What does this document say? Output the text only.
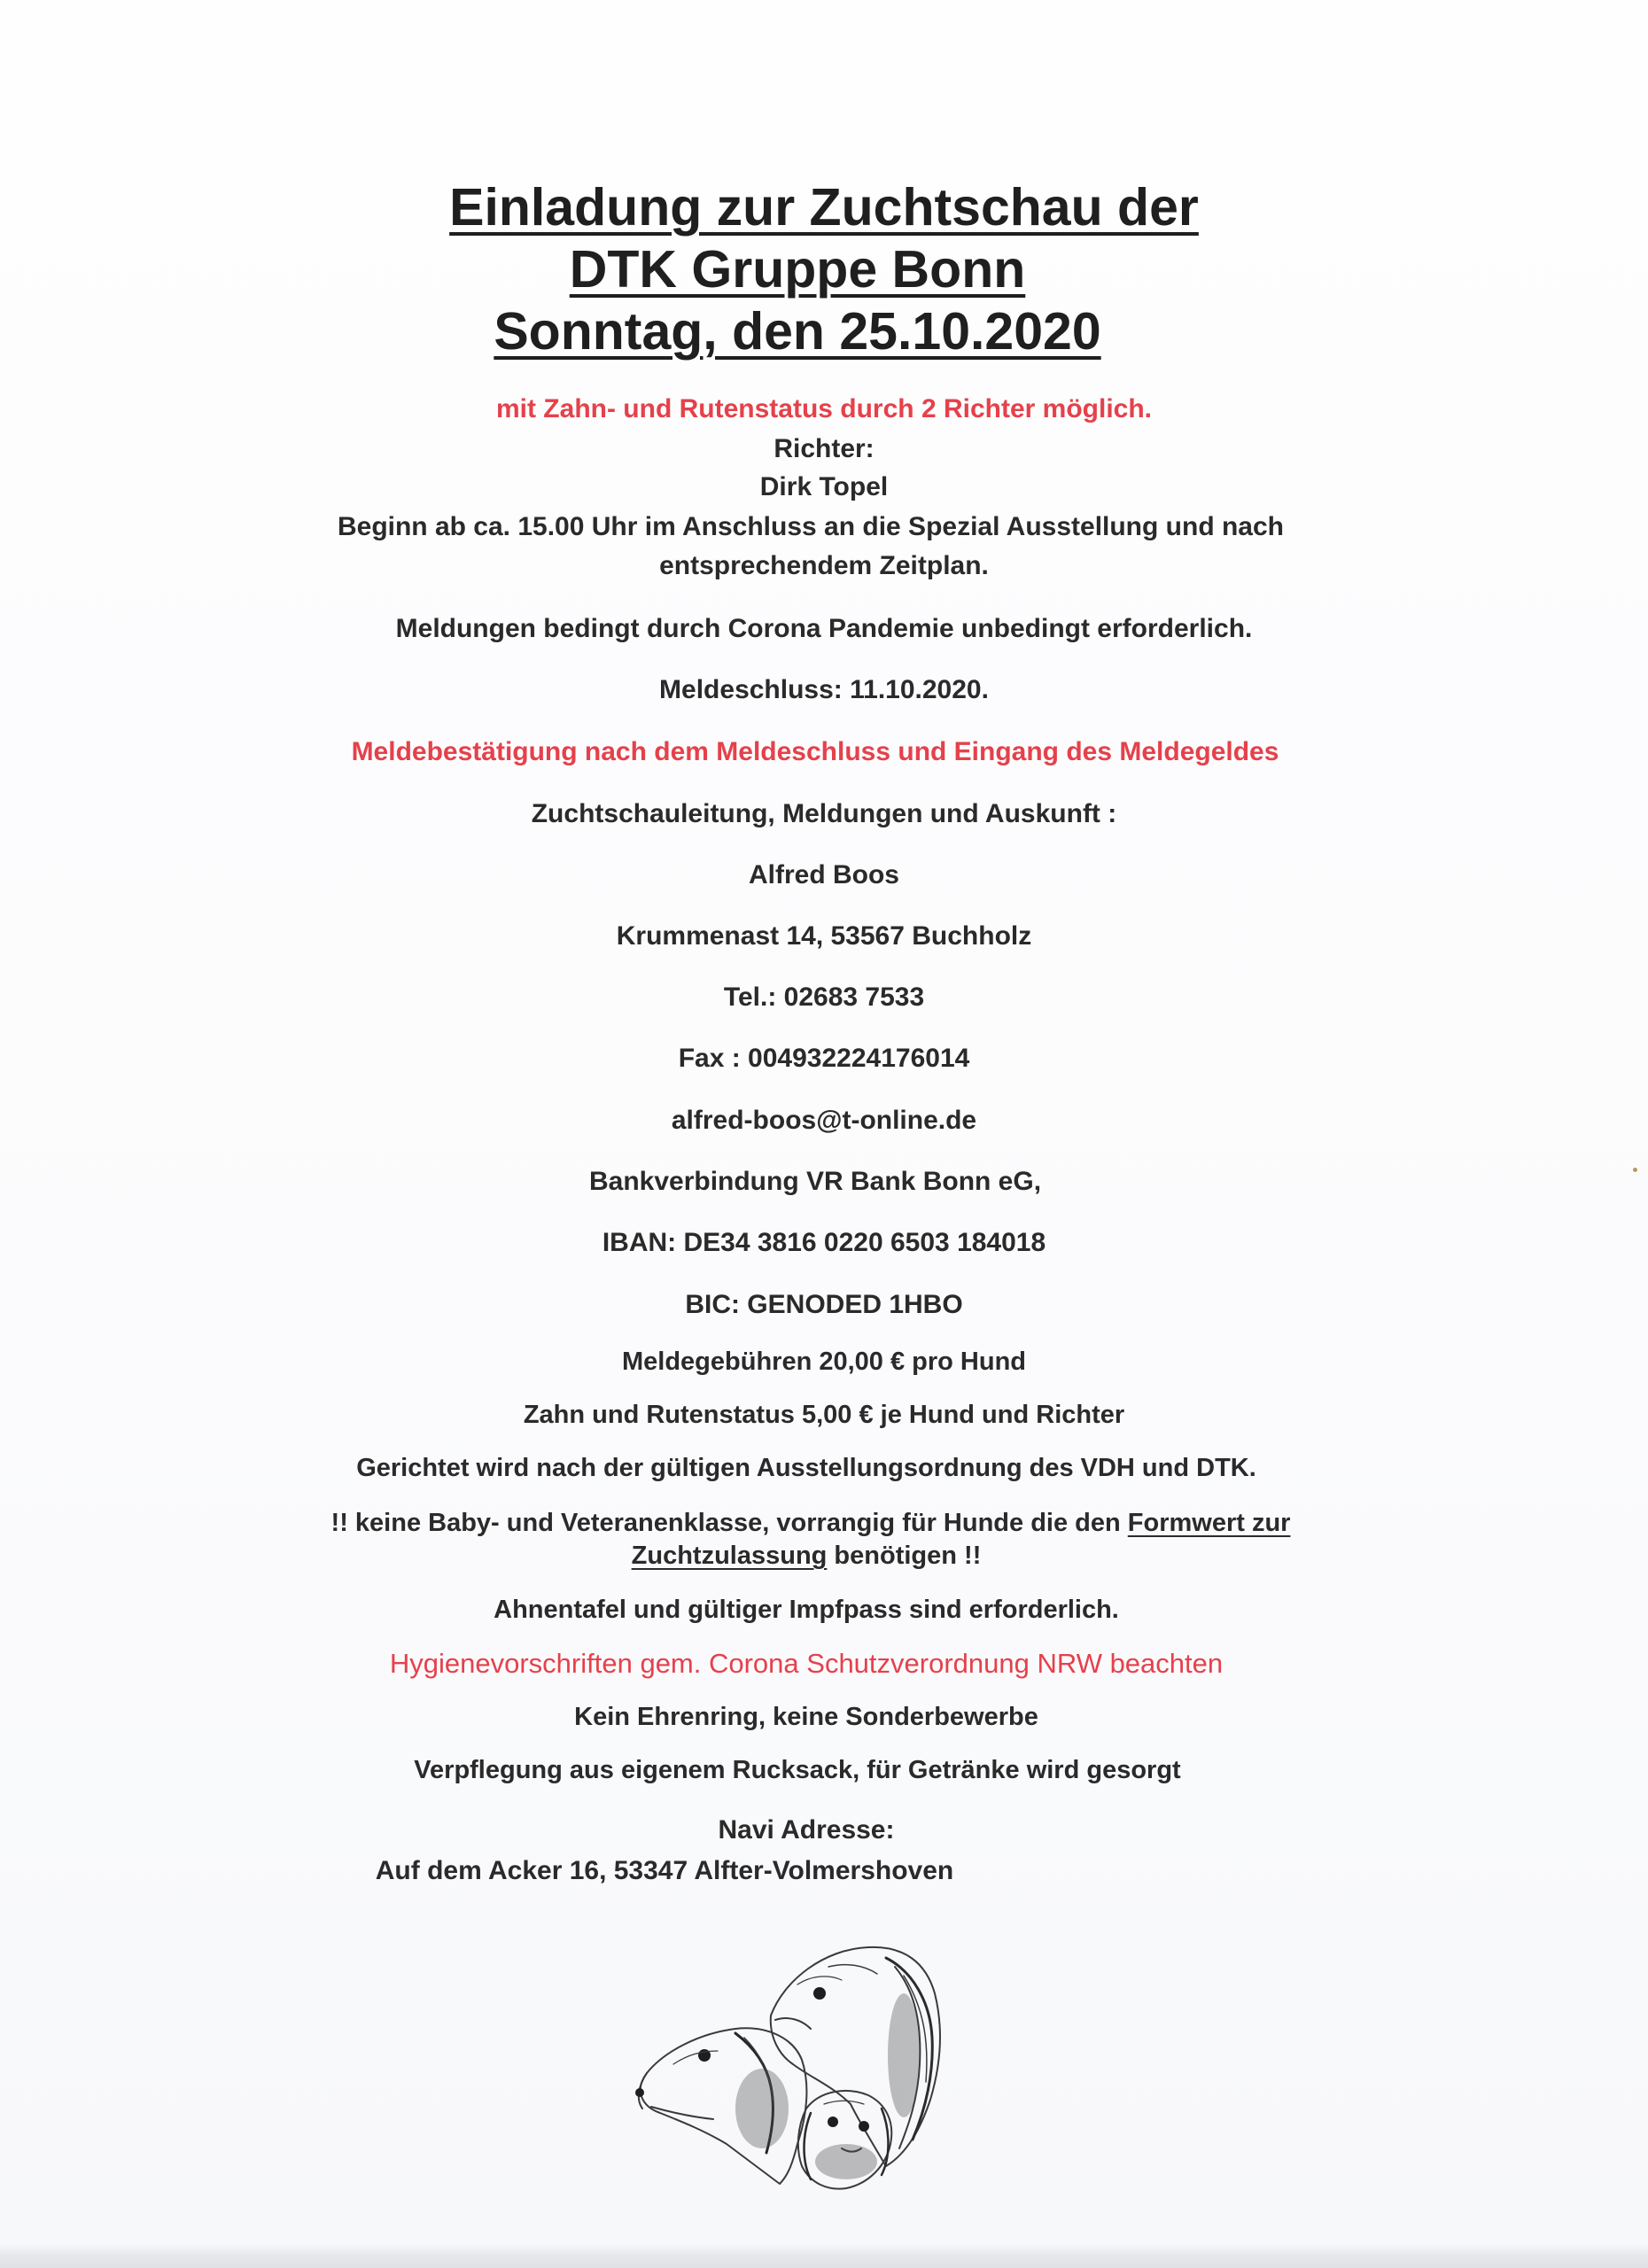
Einladung zur Zuchtschau der
DTK Gruppe Bonn
Sonntag, den 25.10.2020
mit Zahn- und Rutenstatus durch 2 Richter möglich.
Richter:
Dirk Topel
Beginn ab ca. 15.00 Uhr im Anschluss an die Spezial Ausstellung und nach
entsprechendem Zeitplan.
Meldungen bedingt durch Corona Pandemie unbedingt erforderlich.
Meldeschluss: 11.10.2020.
Meldebestätigung nach dem Meldeschluss und Eingang des Meldegeldes
Zuchtschauleitung, Meldungen und Auskunft :
Alfred Boos
Krummenast 14, 53567 Buchholz
Tel.: 02683 7533
Fax : 004932224176014
alfred-boos@t-online.de
Bankverbindung VR Bank Bonn eG,
IBAN: DE34 3816 0220 6503 184018
BIC: GENODED 1HBO
Meldegebühren 20,00 € pro Hund
Zahn und Rutenstatus 5,00 € je Hund und Richter
Gerichtet wird nach der gültigen Ausstellungsordnung des VDH und DTK.
!! keine Baby- und Veteranenklasse, vorrangig für Hunde die den Formwert zur
Zuchtzulassung benötigen !!
Ahnentafel und gültiger Impfpass sind erforderlich.
Hygienevorschriften gem. Corona Schutzverordnung NRW beachten
Kein Ehrenring, keine Sonderbewerbe
Verpflegung aus eigenem Rucksack, für Getränke wird gesorgt
Navi Adresse:
Auf dem Acker 16, 53347 Alfter-Volmershoven
